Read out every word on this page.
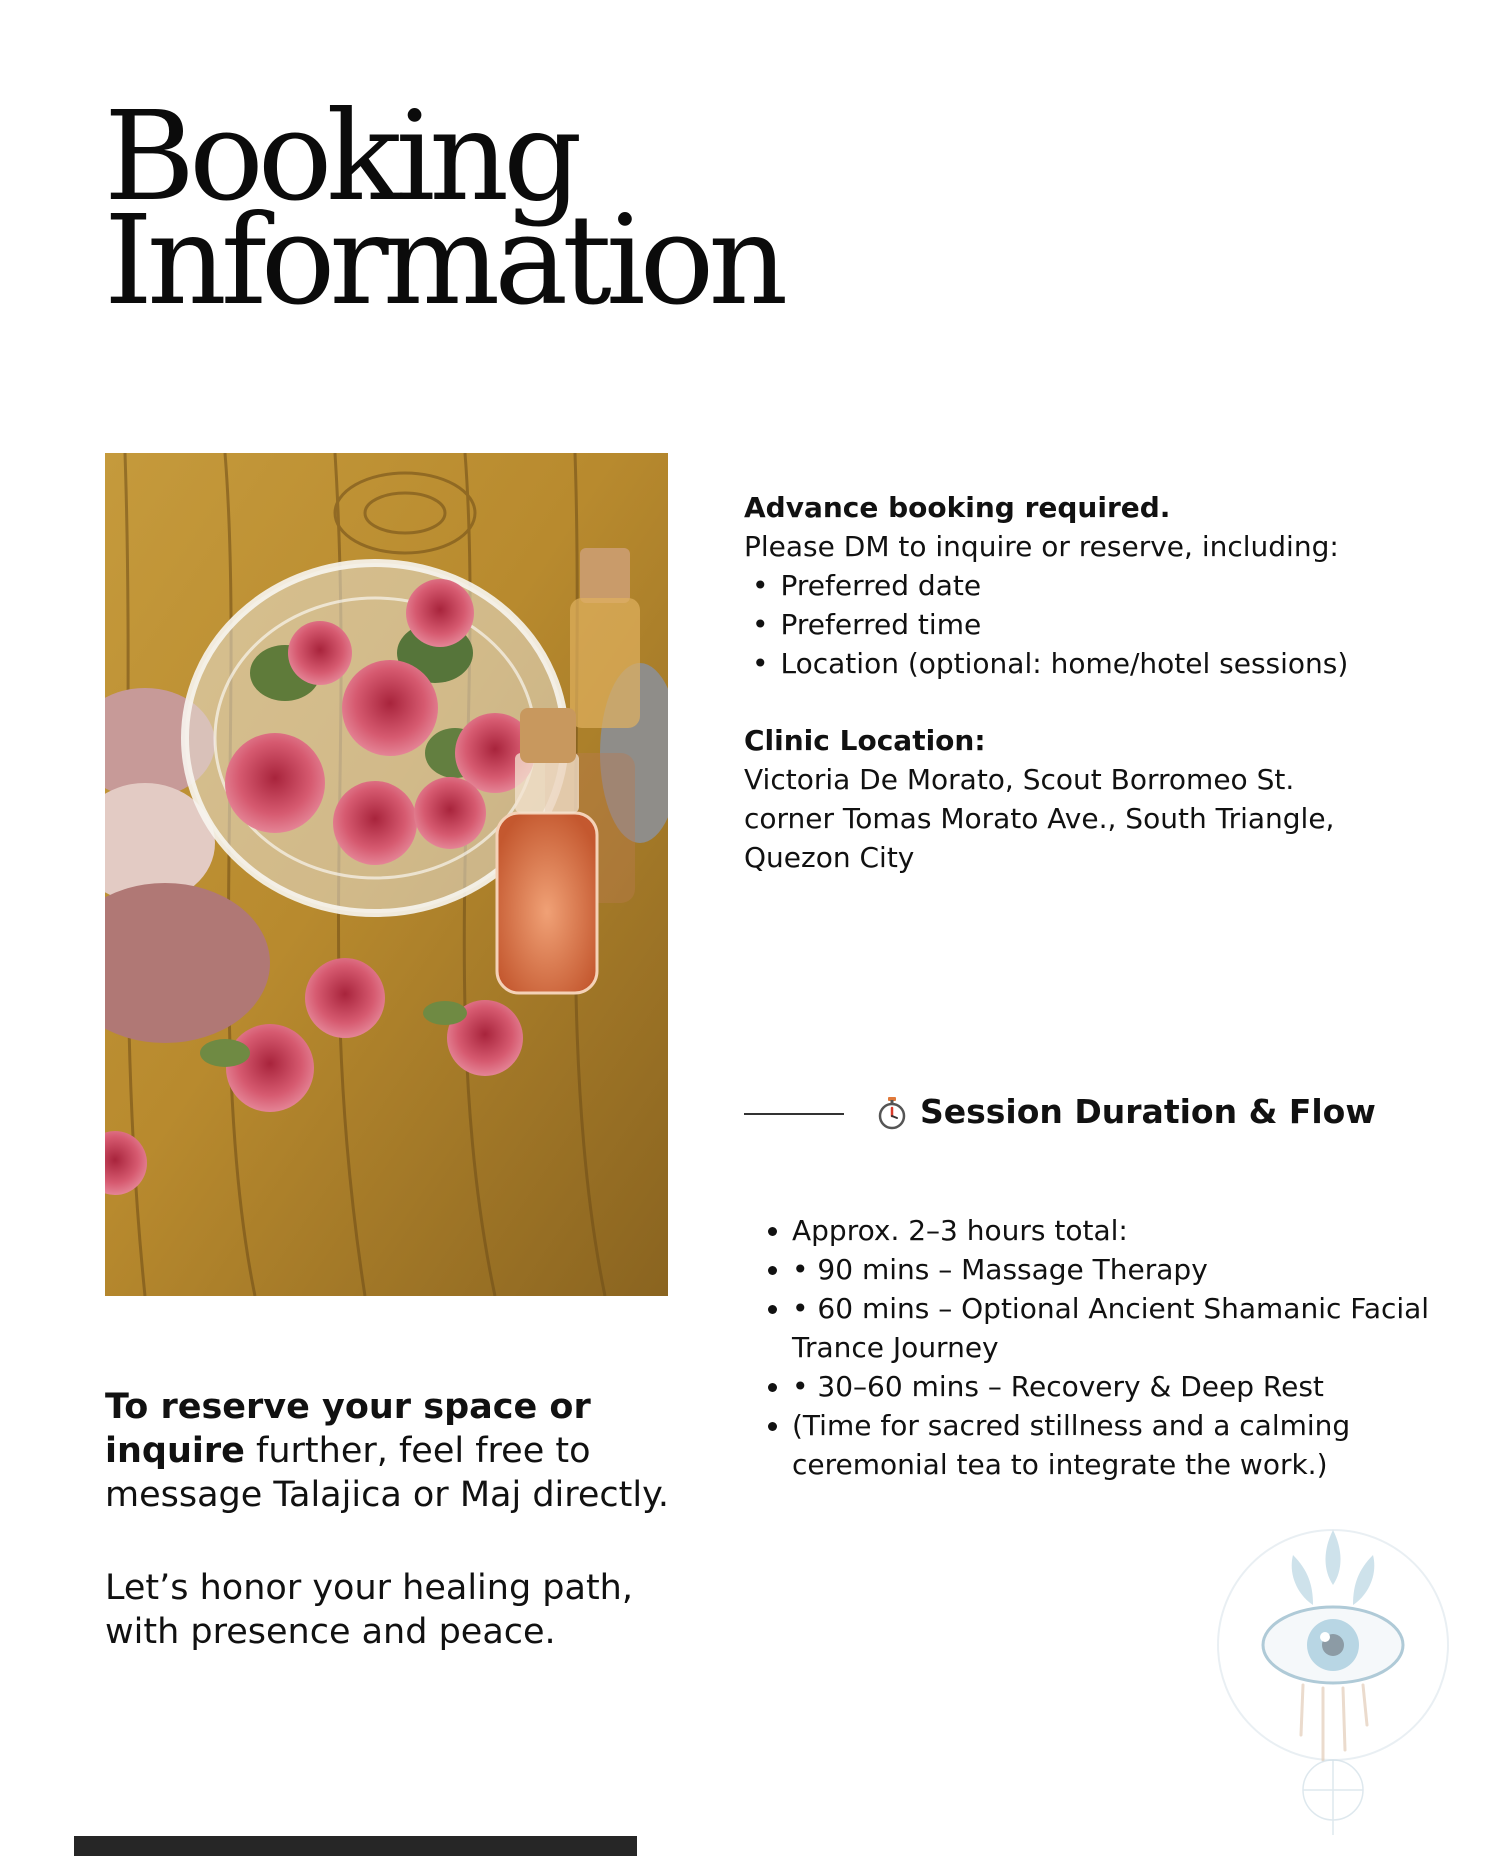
Booking
Information

Advance booking required.

Please DM to inquire or reserve, including:

• Preferred date
• Preferred time
• Location (optional: home/hotel sessions)

Clinic Location:

Victoria De Morato, Scout Borromeo St.

corner Tomas Morato Ave., South Triangle,

Quezon City

Session Duration & Flow
• Approx. 2–3 hours total:
• • 90 mins – Massage Therapy
• • 60 mins – Optional Ancient Shamanic Facial Trance Journey
• • 30–60 mins – Recovery & Deep Rest
• (Time for sacred stillness and a calming ceremonial tea to integrate the work.)

To reserve your space or inquire further, feel free to message Talajica or Maj directly.

Let’s honor your healing path,
with presence and peace.
